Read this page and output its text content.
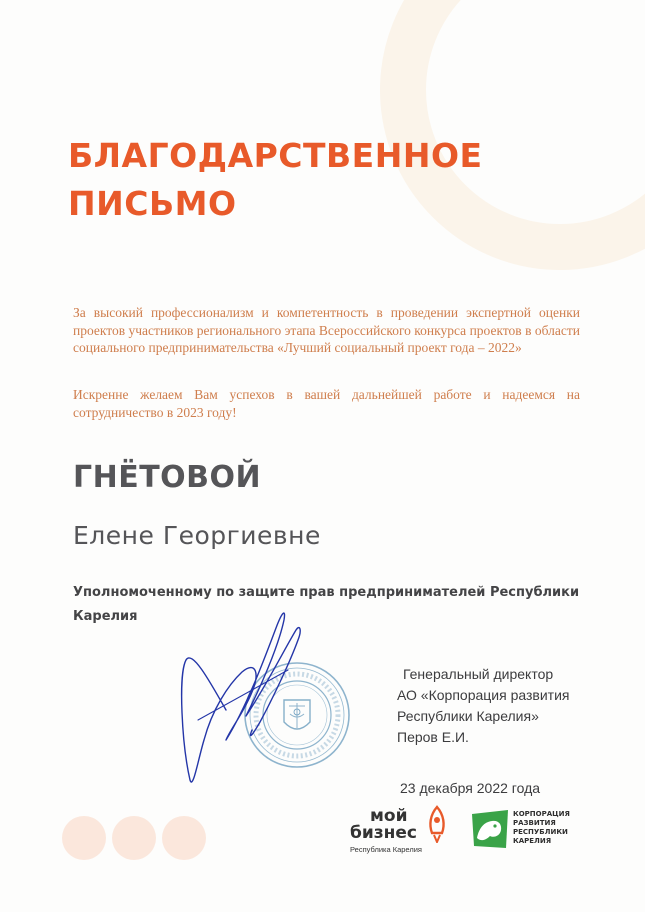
БЛАГОДАРСТВЕННОЕ
ПИСЬМО

За высокий профессионализм и компетентность в проведении экспертной оценки проектов участников регионального этапа Всероссийского конкурса проектов в области социального предпринимательства «Лучший социальный проект года – 2022»

Искренне желаем Вам успехов в вашей дальнейшей работе и надеемся на сотрудничество в 2023 году!

ГНЁТОВОЙ
Елене Георгиевне
Уполномоченному по защите прав предпринимателей Республики Карелия
Генеральный директор
АО «Корпорация развития
Республики Карелия»
Перов Е.И.
23 декабря 2022 года
мой
бизнес
Республика Карелия
КОРПОРАЦИЯ
РАЗВИТИЯ
РЕСПУБЛИКИ
КАРЕЛИЯ
